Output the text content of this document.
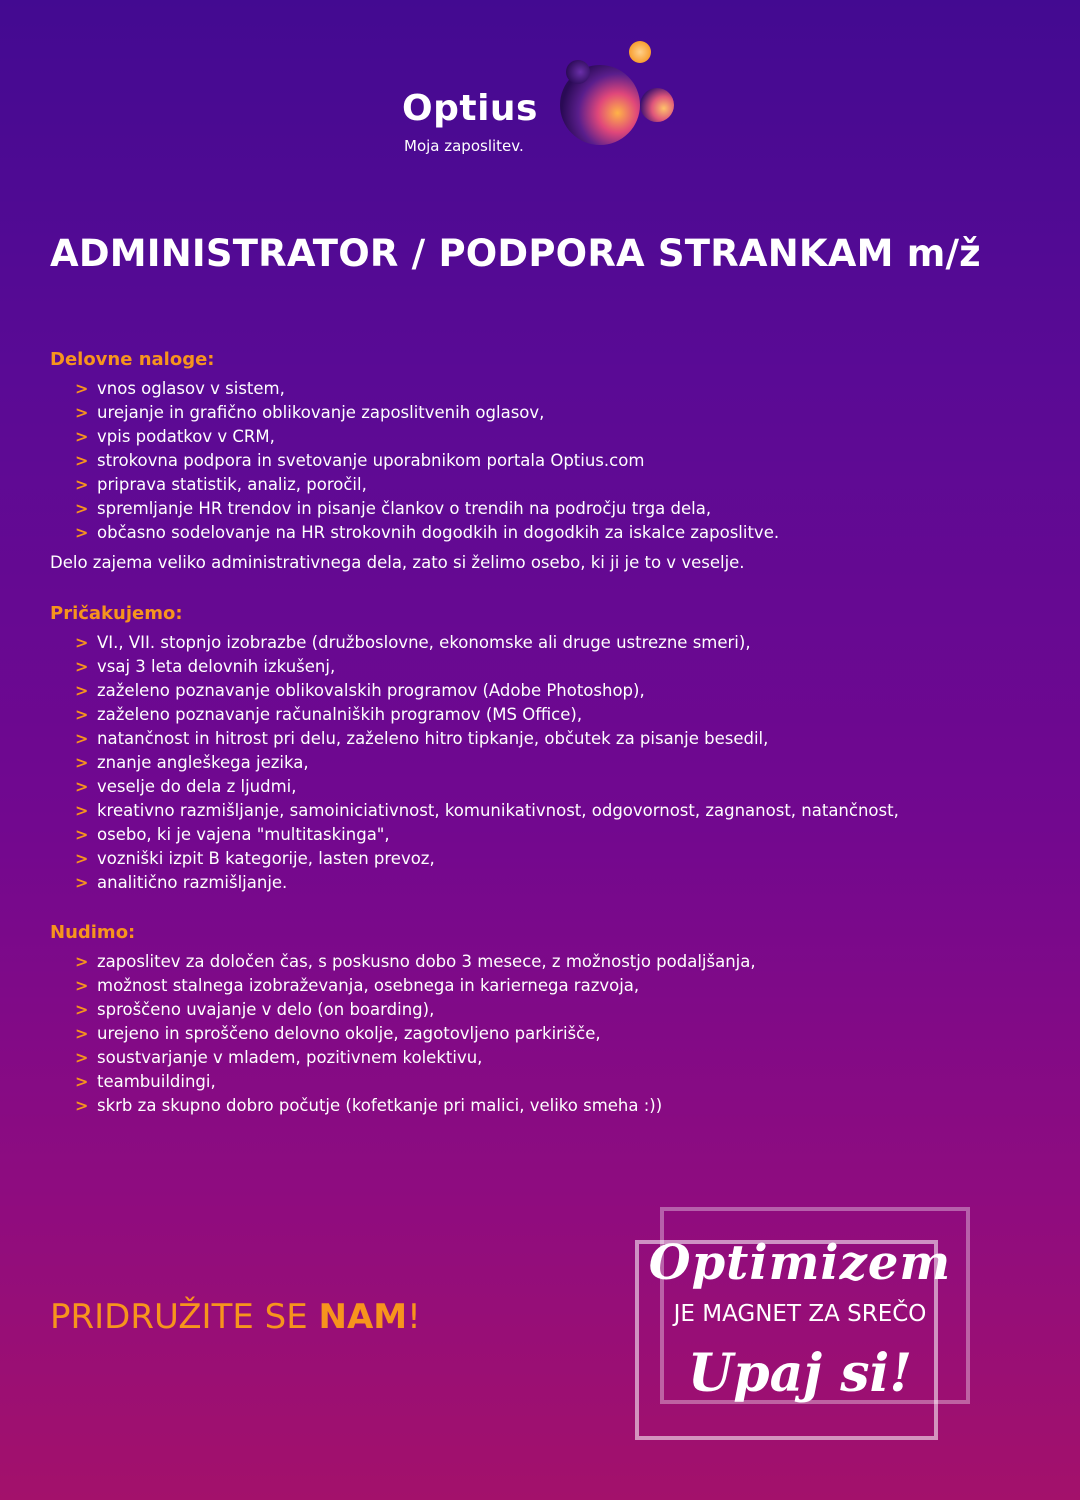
Optius
Moja zaposlitev.
ADMINISTRATOR / PODPORA STRANKAM m/ž
Delovne naloge:
> vnos oglasov v sistem,
> urejanje in grafično oblikovanje zaposlitvenih oglasov,
> vpis podatkov v CRM,
> strokovna podpora in svetovanje uporabnikom portala Optius.com
> priprava statistik, analiz, poročil,
> spremljanje HR trendov in pisanje člankov o trendih na področju trga dela,
> občasno sodelovanje na HR strokovnih dogodkih in dogodkih za iskalce zaposlitve.

Delo zajema veliko administrativnega dela, zato si želimo osebo, ki ji je to v veselje.

Pričakujemo:
> VI., VII. stopnjo izobrazbe (družboslovne, ekonomske ali druge ustrezne smeri),
> vsaj 3 leta delovnih izkušenj,
> zaželeno poznavanje oblikovalskih programov (Adobe Photoshop),
> zaželeno poznavanje računalniških programov (MS Office),
> natančnost in hitrost pri delu, zaželeno hitro tipkanje, občutek za pisanje besedil,
> znanje angleškega jezika,
> veselje do dela z ljudmi,
> kreativno razmišljanje, samoiniciativnost, komunikativnost, odgovornost, zagnanost, natančnost,
> osebo, ki je vajena "multitaskinga",
> vozniški izpit B kategorije, lasten prevoz,
> analitično razmišljanje.
Nudimo:
> zaposlitev za določen čas, s poskusno dobo 3 mesece, z možnostjo podaljšanja,
> možnost stalnega izobraževanja, osebnega in kariernega razvoja,
> sproščeno uvajanje v delo (on boarding),
> urejeno in sproščeno delovno okolje, zagotovljeno parkirišče,
> soustvarjanje v mladem, pozitivnem kolektivu,
> teambuildingi,
> skrb za skupno dobro počutje (kofetkanje pri malici, veliko smeha :))
PRIDRUŽITE SE NAM!
Optimizem
JE MAGNET ZA SREČO
Upaj si!
